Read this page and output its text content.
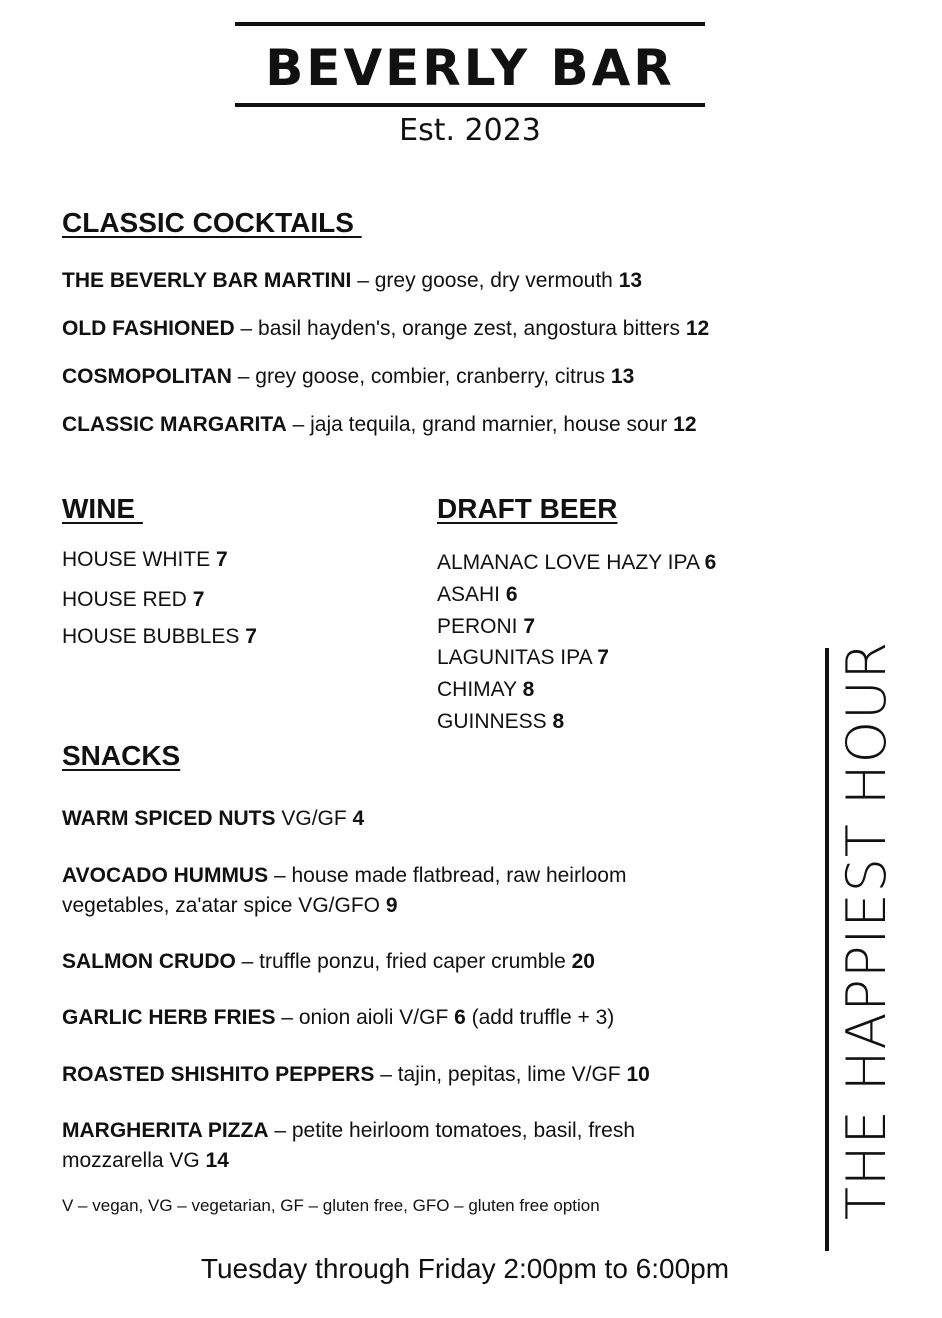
BEVERLY BAR
Est. 2023
CLASSIC COCKTAILS
THE BEVERLY BAR MARTINI – grey goose, dry vermouth 13
OLD FASHIONED – basil hayden's, orange zest, angostura bitters 12
COSMOPOLITAN – grey goose, combier, cranberry, citrus 13
CLASSIC MARGARITA – jaja tequila, grand marnier, house sour 12
WINE
HOUSE WHITE 7
HOUSE RED 7
HOUSE BUBBLES 7
DRAFT BEER
ALMANAC LOVE HAZY IPA 6
ASAHI 6
PERONI 7
LAGUNITAS IPA 7
CHIMAY 8
GUINNESS 8
SNACKS
WARM SPICED NUTS VG/GF 4
AVOCADO HUMMUS – house made flatbread, raw heirloom vegetables, za'atar spice VG/GFO 9
SALMON CRUDO – truffle ponzu, fried caper crumble 20
GARLIC HERB FRIES – onion aioli V/GF 6 (add truffle + 3)
ROASTED SHISHITO PEPPERS – tajin, pepitas, lime V/GF 10
MARGHERITA PIZZA – petite heirloom tomatoes, basil, fresh mozzarella VG 14
V – vegan, VG – vegetarian, GF – gluten free, GFO – gluten free option
Tuesday through Friday 2:00pm to 6:00pm
THE HAPPIEST HOUR
